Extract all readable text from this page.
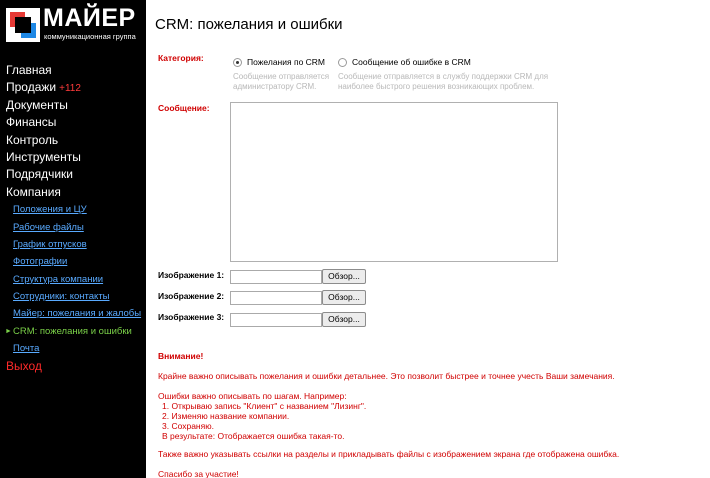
МАЙЕР
коммуникационная группа
Главная
Продажи +112
Документы
Финансы
Контроль
Инструменты
Подрядчики
Компания
Положения и ЦУ
Рабочие файлы
График отпусков
Фотографии
Структура компании
Сотрудники: контакты
Майер: пожелания и жалобы
► CRM: пожелания и ошибки
Почта
Выход
CRM: пожелания и ошибки
Категория:	Пожелания по CRM
Сообщение отправляется
администратору CRM.
Сообщение об ошибке в CRM
Сообщение отправляется в службу поддержки CRM для
наиболее быстрого решения возникающих проблем.
Сообщение:
Изображение 1:	Обзор...
Изображение 2:	Обзор...
Изображение 3:	Обзор...
Внимание!
Крайне важно описывать пожелания и ошибки детальнее. Это позволит быстрее и точнее учесть Ваши замечания.
Ошибки важно описывать по шагам. Например:
1. Открываю запись "Клиент" с названием "Лизинг".
2. Изменяю название компании.
3. Сохраняю.
В результате: Отображается ошибка такая-то.
Также важно указывать ссылки на разделы и прикладывать файлы с изображением экрана где отображена ошибка.
Спасибо за участие!
